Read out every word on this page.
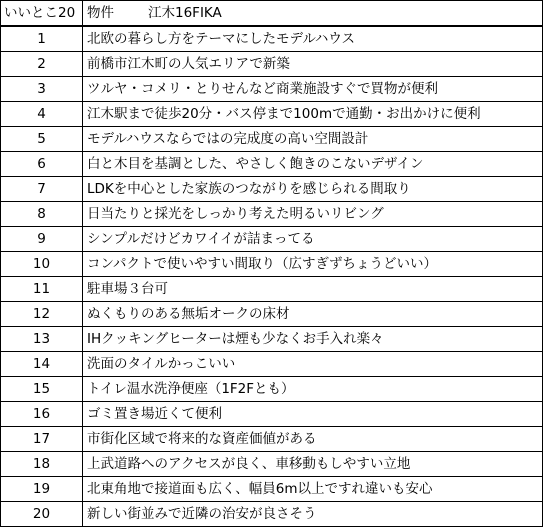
いいとこ20	物件 江木16FIKA
1	北欧の暮らし方をテーマにしたモデルハウス
2	前橋市江木町の人気エリアで新築
3	ツルヤ・コメリ・とりせんなど商業施設すぐで買物が便利
4	江木駅まで徒歩20分・バス停まで100mで通勤・お出かけに便利
5	モデルハウスならではの完成度の高い空間設計
6	白と木目を基調とした、やさしく飽きのこないデザイン
7	LDKを中心とした家族のつながりを感じられる間取り
8	日当たりと採光をしっかり考えた明るいリビング
9	シンプルだけどカワイイが詰まってる
10	コンパクトで使いやすい間取り（広すぎずちょうどいい）
11	駐車場３台可
12	ぬくもりのある無垢オークの床材
13	IHクッキングヒーターは煙も少なくお手入れ楽々
14	洗面のタイルかっこいい
15	トイレ温水洗浄便座（1F2Fとも）
16	ゴミ置き場近くて便利
17	市街化区域で将来的な資産価値がある
18	上武道路へのアクセスが良く、車移動もしやすい立地
19	北東角地で接道面も広く、幅員6m以上ですれ違いも安心
20	新しい街並みで近隣の治安が良さそう
